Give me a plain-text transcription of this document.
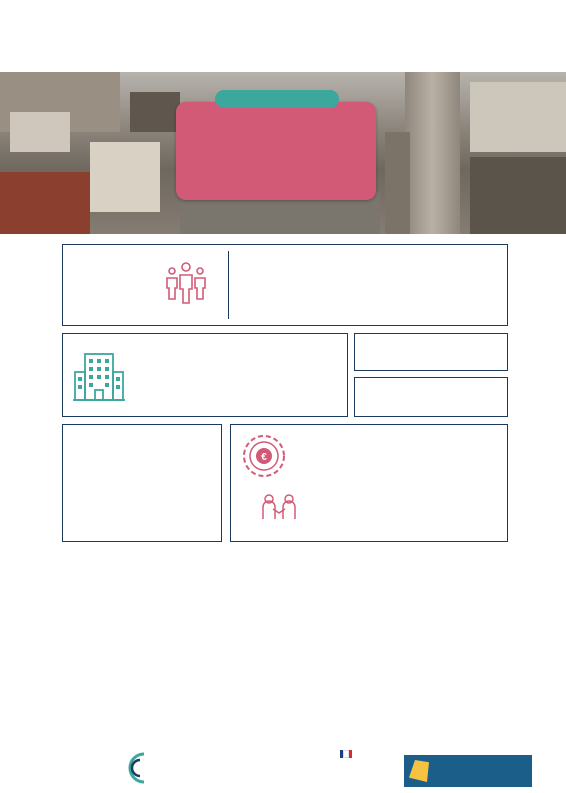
€
